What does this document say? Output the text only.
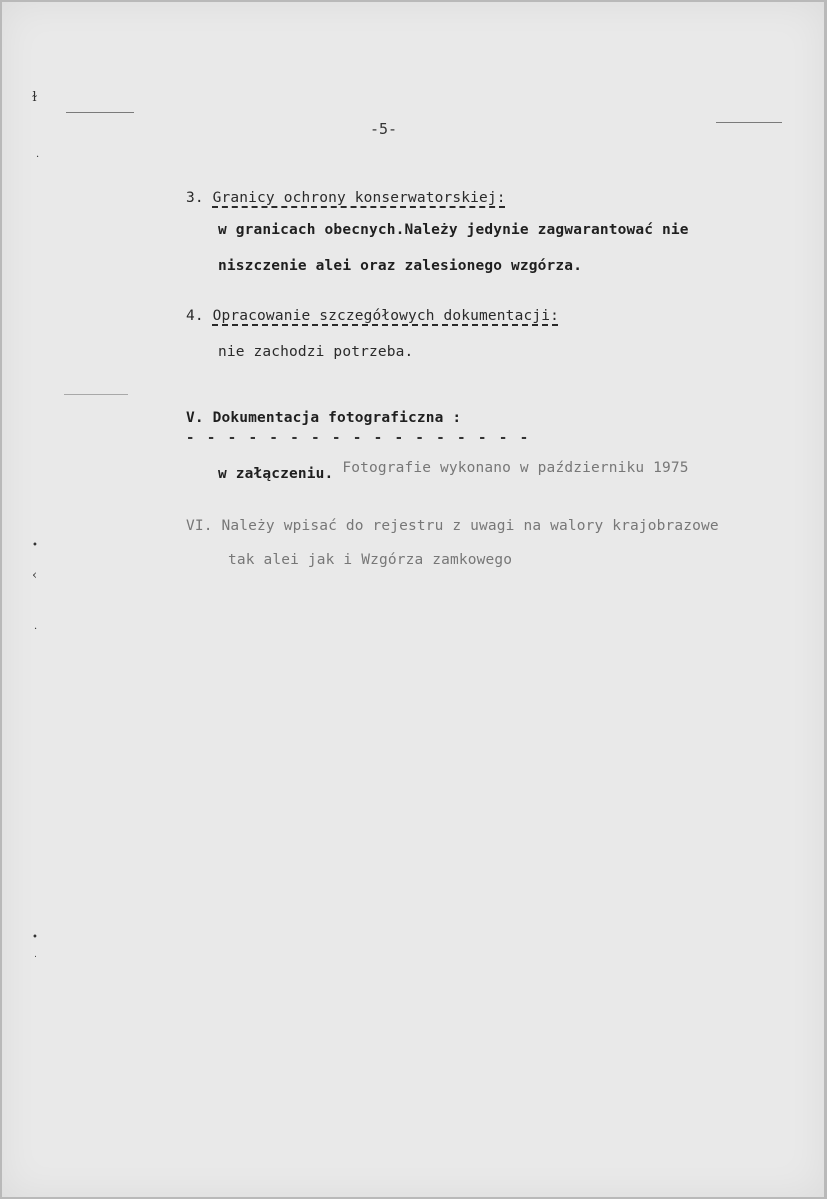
ɫ
·
•
‹
·
•
ᐧ
-5-
3. Granicy ochrony konserwatorskiej:
w granicach obecnych.Należy jedynie zagwarantować nie
niszczenie alei oraz zalesionego wzgórza.
4. Opracowanie szczegółowych dokumentacji:
nie zachodzi potrzeba.
V. Dokumentacja fotograficzna :
- - - - - - - - - - - - - - - - -
w załączeniu. Fotografie wykonano w październiku 1975
VI. Należy wpisać do rejestru z uwagi na walory krajobrazowe
tak alei jak i Wzgórza zamkowego
